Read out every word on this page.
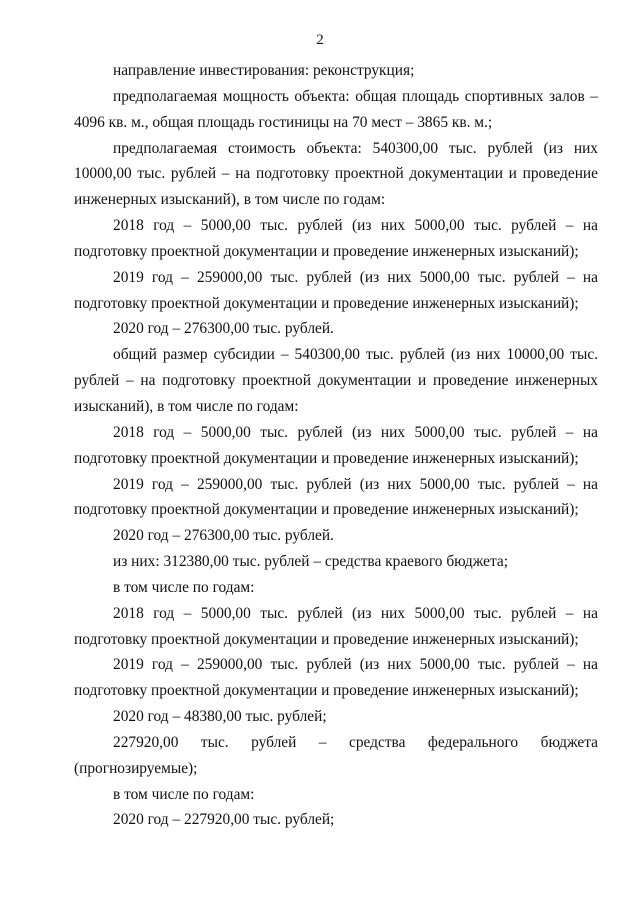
2

направление инвестирования: реконструкция;

предполагаемая мощность объекта: общая площадь спортивных залов – 4096 кв. м., общая площадь гостиницы на 70 мест – 3865 кв. м.;

предполагаемая стоимость объекта: 540300,00 тыс. рублей (из них 10000,00 тыс. рублей – на подготовку проектной документации и проведение инженерных изысканий), в том числе по годам:

2018 год – 5000,00 тыс. рублей (из них 5000,00 тыс. рублей – на подготовку проектной документации и проведение инженерных изысканий);

2019 год – 259000,00 тыс. рублей (из них 5000,00 тыс. рублей – на подготовку проектной документации и проведение инженерных изысканий);

2020 год – 276300,00 тыс. рублей.

общий размер субсидии – 540300,00 тыс. рублей (из них 10000,00 тыс. рублей – на подготовку проектной документации и проведение инженерных изысканий), в том числе по годам:

2018 год – 5000,00 тыс. рублей (из них 5000,00 тыс. рублей – на подготовку проектной документации и проведение инженерных изысканий);

2019 год – 259000,00 тыс. рублей (из них 5000,00 тыс. рублей – на подготовку проектной документации и проведение инженерных изысканий);

2020 год – 276300,00 тыс. рублей.

из них: 312380,00 тыс. рублей – средства краевого бюджета;

в том числе по годам:

2018 год – 5000,00 тыс. рублей (из них 5000,00 тыс. рублей – на подготовку проектной документации и проведение инженерных изысканий);

2019 год – 259000,00 тыс. рублей (из них 5000,00 тыс. рублей – на подготовку проектной документации и проведение инженерных изысканий);

2020 год – 48380,00 тыс. рублей;

227920,00 тыс. рублей – средства федерального бюджета (прогнозируемые);

в том числе по годам:

2020 год – 227920,00 тыс. рублей;
